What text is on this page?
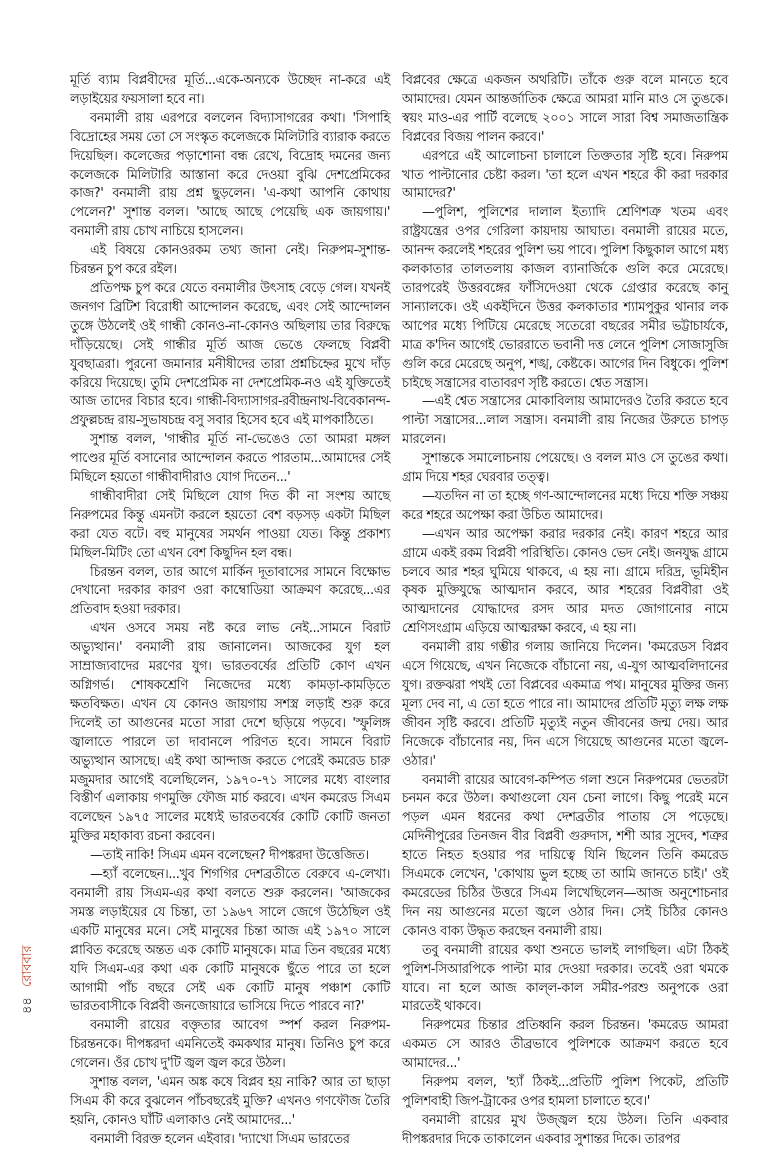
মূর্তি ব্যাম বিপ্লবীদের মূর্তি...একে-অন্যকে উচ্ছেদ না-করে এই লড়াইয়ের ফয়সালা হবে না।

বনমালী রায় এরপরে বললেন বিদ্যাসাগরের কথা। 'সিপাহি বিদ্রোহের সময় তো সে সংস্কৃত কলেজকে মিলিটারি ব্যারাক করতে দিয়েছিল। কলেজের পড়াশোনা বন্ধ রেখে, বিদ্রোহ দমনের জন্য কলেজকে মিলিটারি আস্তানা করে দেওয়া বুঝি দেশপ্রেমিকের কাজ?' বনমালী রায় প্রশ্ন ছুড়লেন। 'এ-কথা আপনি কোথায় পেলেন?' সুশান্ত বলল। 'আছে আছে পেয়েছি এক জায়গায়।' বনমালী রায় চোখ নাচিয়ে হাসলেন।

এই বিষয়ে কোনওরকম তথ্য জানা নেই। নিরুপম-সুশান্ত-চিরন্তন চুপ করে রইল।

প্রতিপক্ষ চুপ করে যেতে বনমালীর উৎসাহ বেড়ে গেল। যখনই জনগণ ব্রিটিশ বিরোধী আন্দোলন করেছে, এবং সেই আন্দোলন তুঙ্গে উঠলেই ওই গান্ধী কোনও-না-কোনও অছিলায় তার বিরুদ্ধে দাঁড়িয়েছে। সেই গান্ধীর মূর্তি আজ ভেঙে ফেলছে বিপ্লবী যুবছাত্ররা। পুরনো জমানার মনীষীদের তারা প্রশ্নচিহ্নের মুখে দাঁড় করিয়ে দিয়েছে। তুমি দেশপ্রেমিক না দেশপ্রেমিক-নও এই যুক্তিতেই আজ তাদের বিচার হবে। গান্ধী-বিদ্যাসাগর-রবীন্দ্রনাথ-বিবেকানন্দ-প্রফুল্লচন্দ্র রায়-সুভাষচন্দ্র বসু সবার হিসেব হবে এই মাপকাঠিতে।

সুশান্ত বলল, 'গান্ধীর মূর্তি না-ভেঙেও তো আমরা মঙ্গল পাণ্ডের মূর্তি বসানোর আন্দোলন করতে পারতাম...আমাদের সেই মিছিলে হয়তো গান্ধীবাদীরাও যোগ দিতেন...'

গান্ধীবাদীরা সেই মিছিলে যোগ দিত কী না সংশয় আছে নিরুপমের কিন্তু এমনটা করলে হয়তো বেশ বড়সড় একটা মিছিল করা যেত বটে। বহু মানুষের সমর্থন পাওয়া যেত। কিন্তু প্রকাশ্য মিছিল-মিটিং তো এখন বেশ কিছুদিন হল বন্ধ।

চিরন্তন বলল, তার আগে মার্কিন দূতাবাসের সামনে বিক্ষোভ দেখানো দরকার কারণ ওরা কাম্বোডিয়া আক্রমণ করেছে...এর প্রতিবাদ হওয়া দরকার।

এখন ওসবে সময় নষ্ট করে লাভ নেই...সামনে বিরাট অভ্যুত্থান।' বনমালী রায় জানালেন। আজকের যুগ হল সাম্রাজ্যবাদের মরণের যুগ। ভারতবর্ষের প্রতিটি কোণ এখন অগ্নিগর্ভ। শোষকশ্রেণি নিজেদের মধ্যে কামড়া-কামড়িতে ক্ষতবিক্ষত। এখন যে কোনও জায়গায় সশস্ত্র লড়াই শুরু করে দিলেই তা আগুনের মতো সারা দেশে ছড়িয়ে পড়বে। 'স্ফুলিঙ্গ জ্বালাতে পারলে তা দাবানলে পরিণত হবে। সামনে বিরাট অভ্যুত্থান আসছে। এই কথা আন্দাজ করতে পেরেই কমরেড চারু মজুমদার আগেই বলেছিলেন, ১৯৭০-৭১ সালের মধ্যে বাংলার বিস্তীর্ণ এলাকায় গণমুক্তি ফৌজ মার্চ করবে। এখন কমরেড সিএম বলেছেন ১৯৭৫ সালের মধ্যেই ভারতবর্ষের কোটি কোটি জনতা মুক্তির মহাকাব্য রচনা করবেন।

—তাই নাকি! সিএম এমন বলেছেন? দীপঙ্করদা উত্তেজিত।

—হ্যাঁ বলেছেন।...খুব শিগগির দেশব্রতীতে বেরুবে এ-লেখা। বনমালী রায় সিএম-এর কথা বলতে শুরু করলেন। 'আজকের সমস্ত লড়াইয়ের যে চিন্তা, তা ১৯৬৭ সালে জেগে উঠেছিল ওই একটি মানুষের মনে। সেই মানুষের চিন্তা আজ এই ১৯৭০ সালে প্লাবিত করেছে অন্তত এক কোটি মানুষকে। মাত্র তিন বছরের মধ্যে যদি সিএম-এর কথা এক কোটি মানুষকে ছুঁতে পারে তা হলে আগামী পাঁচ বছরে সেই এক কোটি মানুষ পঞ্চাশ কোটি ভারতবাসীকে বিপ্লবী জনজোয়ারে ভাসিয়ে দিতে পারবে না?'

বনমালী রায়ের বক্তৃতার আবেগ স্পর্শ করল নিরুপম-চিরন্তনকে। দীপঙ্করদা এমনিতেই কমকথার মানুষ। তিনিও চুপ করে গেলেন। ওঁর চোখ দু'টি জ্বল জ্বল করে উঠল।

সুশান্ত বলল, 'এমন অঙ্ক কষে বিপ্লব হয় নাকি? আর তা ছাড়া সিএম কী করে বুঝলেন পাঁচবছরেই মুক্তি? এখনও গণফৌজ তৈরি হয়নি, কোনও ঘাঁটি এলাকাও নেই আমাদের...'

বনমালী বিরক্ত হলেন এইবার। 'দ্যাখো সিএম ভারতের

বিপ্লবের ক্ষেত্রে একজন অথরিটি। তাঁকে গুরু বলে মানতে হবে আমাদের। যেমন আন্তর্জাতিক ক্ষেত্রে আমরা মানি মাও সে তুঙকে। স্বয়ং মাও-এর পার্টি বলেছে ২০০১ সালে সারা বিশ্ব সমাজতান্ত্রিক বিপ্লবের বিজয় পালন করবে।'

এরপরে এই আলোচনা চালালে তিক্ততার সৃষ্টি হবে। নিরুপম খাত পাল্টানোর চেষ্টা করল। 'তা হলে এখন শহরে কী করা দরকার আমাদের?'

—পুলিশ, পুলিশের দালাল ইত্যাদি শ্রেণিশত্রু খতম এবং রাষ্ট্রযন্ত্রের ওপর গেরিলা কায়দায় আঘাত। বনমালী রায়ের মতে, আনন্দ করলেই শহরের পুলিশ ভয় পাবে। পুলিশ কিছুকাল আগে মধ্য কলকাতার তালতলায় কাজল ব্যানার্জিকে গুলি করে মেরেছে। তারপরেই উত্তরবঙ্গের ফাঁসিদেওয়া থেকে গ্রেপ্তার করেছে কানু সান্যালকে। ওই একইদিনে উত্তর কলকাতার শ্যামপুকুর থানার লক আপের মধ্যে পিটিয়ে মেরেছে সতেরো বছরের সমীর ভট্টাচার্যকে, মাত্র ক'দিন আগেই ভোররাতে ভবানী দত্ত লেনে পুলিশ সোজাসুজি গুলি করে মেরেছে অনুপ, শঙ্খ, কেষ্টকে। আগের দিন বিধুকে। পুলিশ চাইছে সন্ত্রাসের বাতাবরণ সৃষ্টি করতে। শ্বেত সন্ত্রাস।

—এই শ্বেত সন্ত্রাসের মোকাবিলায় আমাদেরও তৈরি করতে হবে পাল্টা সন্ত্রাসের...লাল সন্ত্রাস। বনমালী রায় নিজের উরুতে চাপড় মারলেন।

সুশান্তকে সমালোচনায় পেয়েছে। ও বলল মাও সে তুঙের কথা। গ্রাম দিয়ে শহর ঘেরবার তত্ত্ব।

—যতদিন না তা হচ্ছে গণ-আন্দোলনের মধ্যে দিয়ে শক্তি সঞ্চয় করে শহরে অপেক্ষা করা উচিত আমাদের।

—এখন আর অপেক্ষা করার দরকার নেই। কারণ শহরে আর গ্রামে একই রকম বিপ্লবী পরিস্থিতি। কোনও ভেদ নেই। জনযুদ্ধ গ্রামে চলবে আর শহর ঘুমিয়ে থাকবে, এ হয় না। গ্রামে দরিদ্র, ভূমিহীন কৃষক মুক্তিযুদ্ধে আত্মদান করবে, আর শহরের বিপ্লবীরা ওই আত্মদানের যোদ্ধাদের রসদ আর মদত জোগানোর নামে শ্রেণিসংগ্রাম এড়িয়ে আত্মরক্ষা করবে, এ হয় না।

বনমালী রায় গম্ভীর গলায় জানিয়ে দিলেন। 'কমরেডস বিপ্লব এসে গিয়েছে, এখন নিজেকে বাঁচানো নয়, এ-যুগ আত্মবলিদানের যুগ। রক্তঝরা পথই তো বিপ্লবের একমাত্র পথ। মানুষের মুক্তির জন্য মূল্য দেব না, এ তো হতে পারে না। আমাদের প্রতিটি মৃত্যু লক্ষ লক্ষ জীবন সৃষ্টি করবে। প্রতিটি মৃত্যুই নতুন জীবনের জন্ম দেয়। আর নিজেকে বাঁচানোর নয়, দিন এসে গিয়েছে আগুনের মতো জ্বলে-ওঠার।'

বনমালী রায়ের আবেগ-কম্পিত গলা শুনে নিরুপমের ভেতরটা চনমন করে উঠল। কথাগুলো যেন চেনা লাগে। কিছু পরেই মনে পড়ল এমন ধরনের কথা দেশব্রতীর পাতায় সে পড়েছে। মেদিনীপুরের তিনজন বীর বিপ্লবী গুরুদাস, শশী আর সুদেব, শত্রুর হাতে নিহত হওয়ার পর দায়িত্বে যিনি ছিলেন তিনি কমরেড সিএমকে লেখেন, 'কোথায় ভুল হচ্ছে তা আমি জানতে চাই।' ওই কমরেডের চিঠির উত্তরে সিএম লিখেছিলেন—আজ অনুশোচনার দিন নয় আগুনের মতো জ্বলে ওঠার দিন। সেই চিঠির কোনও কোনও বাক্য উদ্ধৃত করছেন বনমালী রায়।

তবু বনমালী রায়ের কথা শুনতে ভালই লাগছিল। এটা ঠিকই পুলিশ-সিআরপিকে পাল্টা মার দেওয়া দরকার। তবেই ওরা থমকে যাবে। না হলে আজ কাল্‌ল-কাল সমীর-পরশু অনুপকে ওরা মারতেই থাকবে।

নিরুপমের চিন্তার প্রতিধ্বনি করল চিরন্তন। 'কমরেড আমরা একমত সে আরও তীব্রভাবে পুলিশকে আক্রমণ করতে হবে আমাদের...'

নিরুপম বলল, 'হ্যাঁ ঠিকই...প্রতিটি পুলিশ পিকেট, প্রতিটি পুলিশবাহী জিপ-ট্রাকের ওপর হামলা চালাতে হবে।'

বনমালী রায়ের মুখ উজ্জ্বল হয়ে উঠল। তিনি একবার দীপঙ্করদার দিকে তাকালেন একবার সুশান্তর দিকে। তারপর

৪৪ রোববার
